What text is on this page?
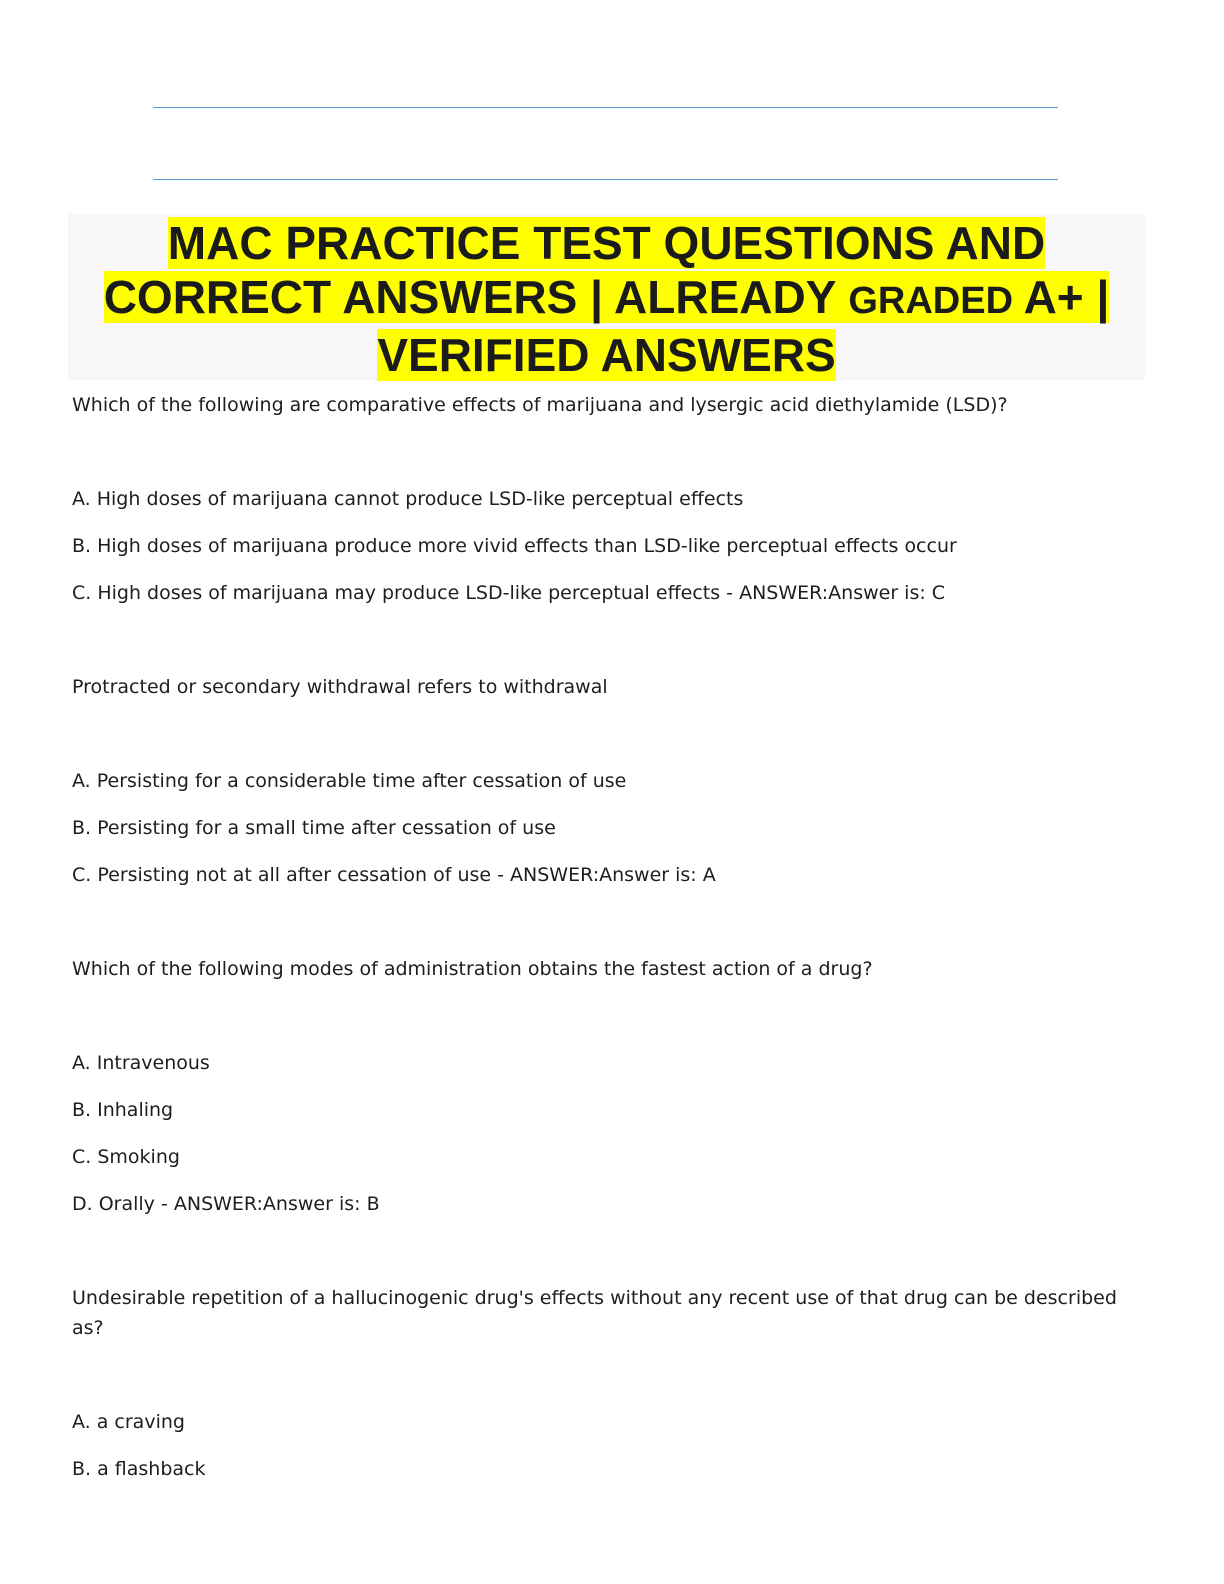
MAC PRACTICE TEST QUESTIONS AND
CORRECT ANSWERS | ALREADY GRADED A+ |
VERIFIED ANSWERS

Which of the following are comparative effects of marijuana and lysergic acid diethylamide (LSD)?

A. High doses of marijuana cannot produce LSD-like perceptual effects

B. High doses of marijuana produce more vivid effects than LSD-like perceptual effects occur

C. High doses of marijuana may produce LSD-like perceptual effects - ANSWER:Answer is: C

Protracted or secondary withdrawal refers to withdrawal

A. Persisting for a considerable time after cessation of use

B. Persisting for a small time after cessation of use

C. Persisting not at all after cessation of use - ANSWER:Answer is: A

Which of the following modes of administration obtains the fastest action of a drug?

A. Intravenous

B. Inhaling

C. Smoking

D. Orally - ANSWER:Answer is: B

Undesirable repetition of a hallucinogenic drug's effects without any recent use of that drug can be described as?

A. a craving

B. a flashback
